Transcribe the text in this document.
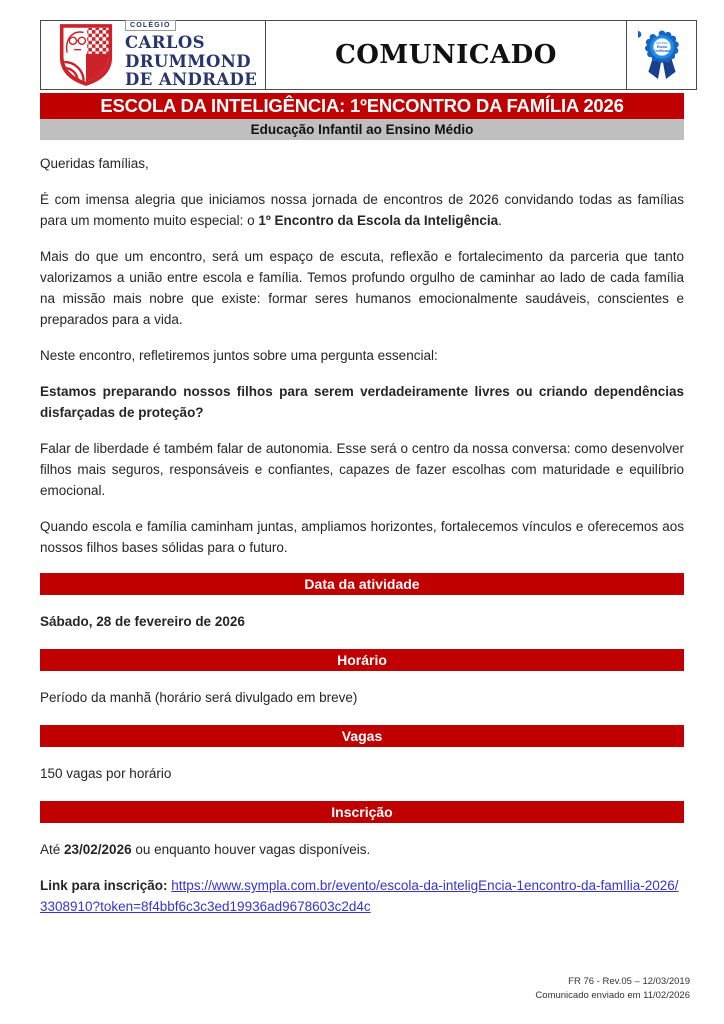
COLÉGIO
CARLOS
DRUMMOND
DE ANDRADE
COMUNICADO	ISO PSC
Escola
Certificada
ESCOLA DA INTELIGÊNCIA: 1ºENCONTRO DA FAMÍLIA 2026
Educação Infantil ao Ensino Médio

Queridas famílias,

É com imensa alegria que iniciamos nossa jornada de encontros de 2026 convidando todas as famílias para um momento muito especial: o 1º Encontro da Escola da Inteligência.

Mais do que um encontro, será um espaço de escuta, reflexão e fortalecimento da parceria que tanto valorizamos a união entre escola e família. Temos profundo orgulho de caminhar ao lado de cada família na missão mais nobre que existe: formar seres humanos emocionalmente saudáveis, conscientes e preparados para a vida.

Neste encontro, refletiremos juntos sobre uma pergunta essencial:

Estamos preparando nossos filhos para serem verdadeiramente livres ou criando dependências disfarçadas de proteção?

Falar de liberdade é também falar de autonomia. Esse será o centro da nossa conversa: como desenvolver filhos mais seguros, responsáveis e confiantes, capazes de fazer escolhas com maturidade e equilíbrio emocional.

Quando escola e família caminham juntas, ampliamos horizontes, fortalecemos vínculos e oferecemos aos nossos filhos bases sólidas para o futuro.

Data da atividade

Sábado, 28 de fevereiro de 2026

Horário

Período da manhã (horário será divulgado em breve)

Vagas

150 vagas por horário

Inscrição

Até 23/02/2026 ou enquanto houver vagas disponíveis.

Link para inscrição: https://www.sympla.com.br/evento/escola-da-inteligEncia-1encontro-da-famIlia-2026/3308910?token=8f4bbf6c3c3ed19936ad9678603c2d4c

FR 76 - Rev.05 – 12/03/2019
Comunicado enviado em 11/02/2026
